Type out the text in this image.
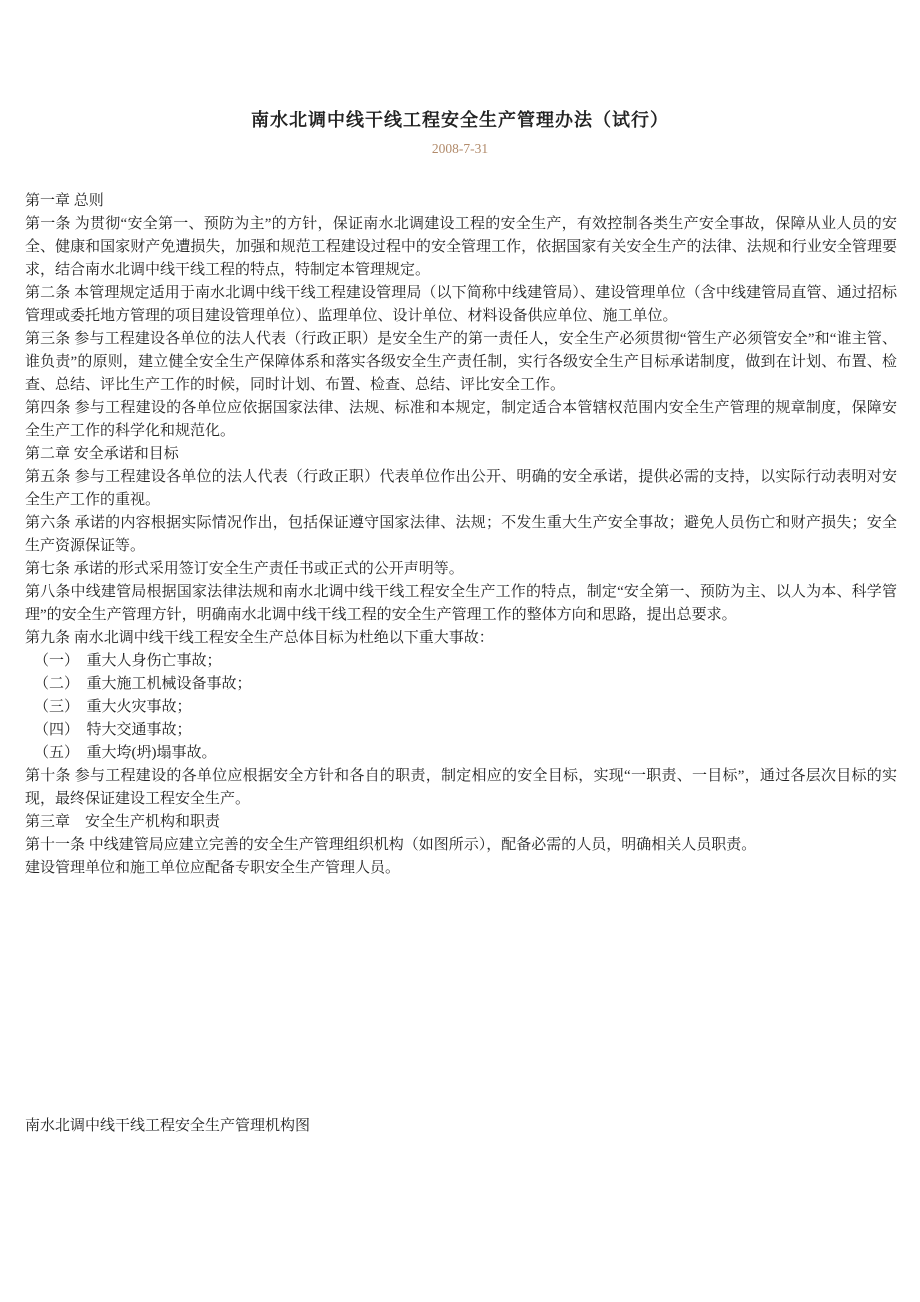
南水北调中线干线工程安全生产管理办法（试行）
2008-7-31

第一章 总则

第一条 为贯彻“安全第一、预防为主”的方针，保证南水北调建设工程的安全生产，有效控制各类生产安全事故，保障从业人员的安全、健康和国家财产免遭损失，加强和规范工程建设过程中的安全管理工作，依据国家有关安全生产的法律、法规和行业安全管理要求，结合南水北调中线干线工程的特点，特制定本管理规定。

第二条 本管理规定适用于南水北调中线干线工程建设管理局（以下简称中线建管局）、建设管理单位（含中线建管局直管、通过招标管理或委托地方管理的项目建设管理单位）、监理单位、设计单位、材料设备供应单位、施工单位。

第三条 参与工程建设各单位的法人代表（行政正职）是安全生产的第一责任人，安全生产必须贯彻“管生产必须管安全”和“谁主管、谁负责”的原则，建立健全安全生产保障体系和落实各级安全生产责任制，实行各级安全生产目标承诺制度，做到在计划、布置、检查、总结、评比生产工作的时候，同时计划、布置、检查、总结、评比安全工作。

第四条 参与工程建设的各单位应依据国家法律、法规、标准和本规定，制定适合本管辖权范围内安全生产管理的规章制度，保障安全生产工作的科学化和规范化。

第二章 安全承诺和目标

第五条 参与工程建设各单位的法人代表（行政正职）代表单位作出公开、明确的安全承诺，提供必需的支持，以实际行动表明对安全生产工作的重视。

第六条 承诺的内容根据实际情况作出，包括保证遵守国家法律、法规；不发生重大生产安全事故；避免人员伤亡和财产损失；安全生产资源保证等。

第七条 承诺的形式采用签订安全生产责任书或正式的公开声明等。

第八条中线建管局根据国家法律法规和南水北调中线干线工程安全生产工作的特点，制定“安全第一、预防为主、以人为本、科学管理”的安全生产管理方针，明确南水北调中线干线工程的安全生产管理工作的整体方向和思路，提出总要求。

第九条 南水北调中线干线工程安全生产总体目标为杜绝以下重大事故：

（一）　重大人身伤亡事故；

（二）　重大施工机械设备事故；

（三）　重大火灾事故；

（四）　特大交通事故；

（五）　重大垮(坍)塌事故。

第十条 参与工程建设的各单位应根据安全方针和各自的职责，制定相应的安全目标，实现“一职责、一目标”，通过各层次目标的实现，最终保证建设工程安全生产。

第三章　安全生产机构和职责

第十一条 中线建管局应建立完善的安全生产管理组织机构（如图所示），配备必需的人员，明确相关人员职责。

建设管理单位和施工单位应配备专职安全生产管理人员。

南水北调中线干线工程安全生产管理机构图
